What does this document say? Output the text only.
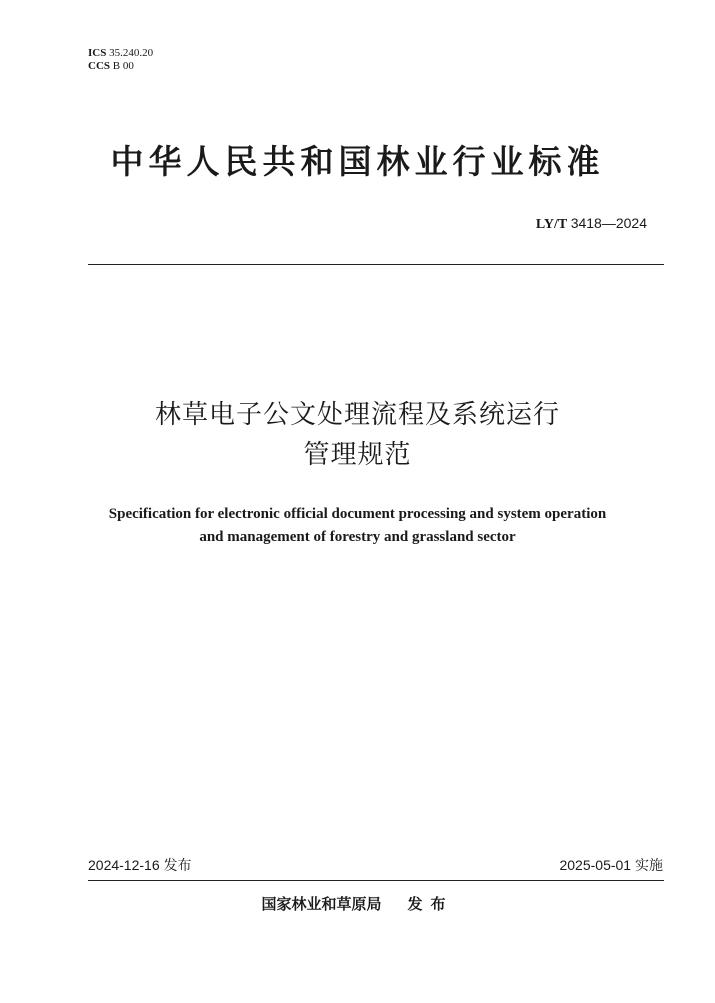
ICS 35.240.20
CCS B 00
中华人民共和国林业行业标准
LY/T 3418—2024
林草电子公文处理流程及系统运行
管理规范
Specification for electronic official document processing and system operation
and management of forestry and grassland sector
2024-12-16 发布	2025-05-01 实施
国家林业和草原局 发布
